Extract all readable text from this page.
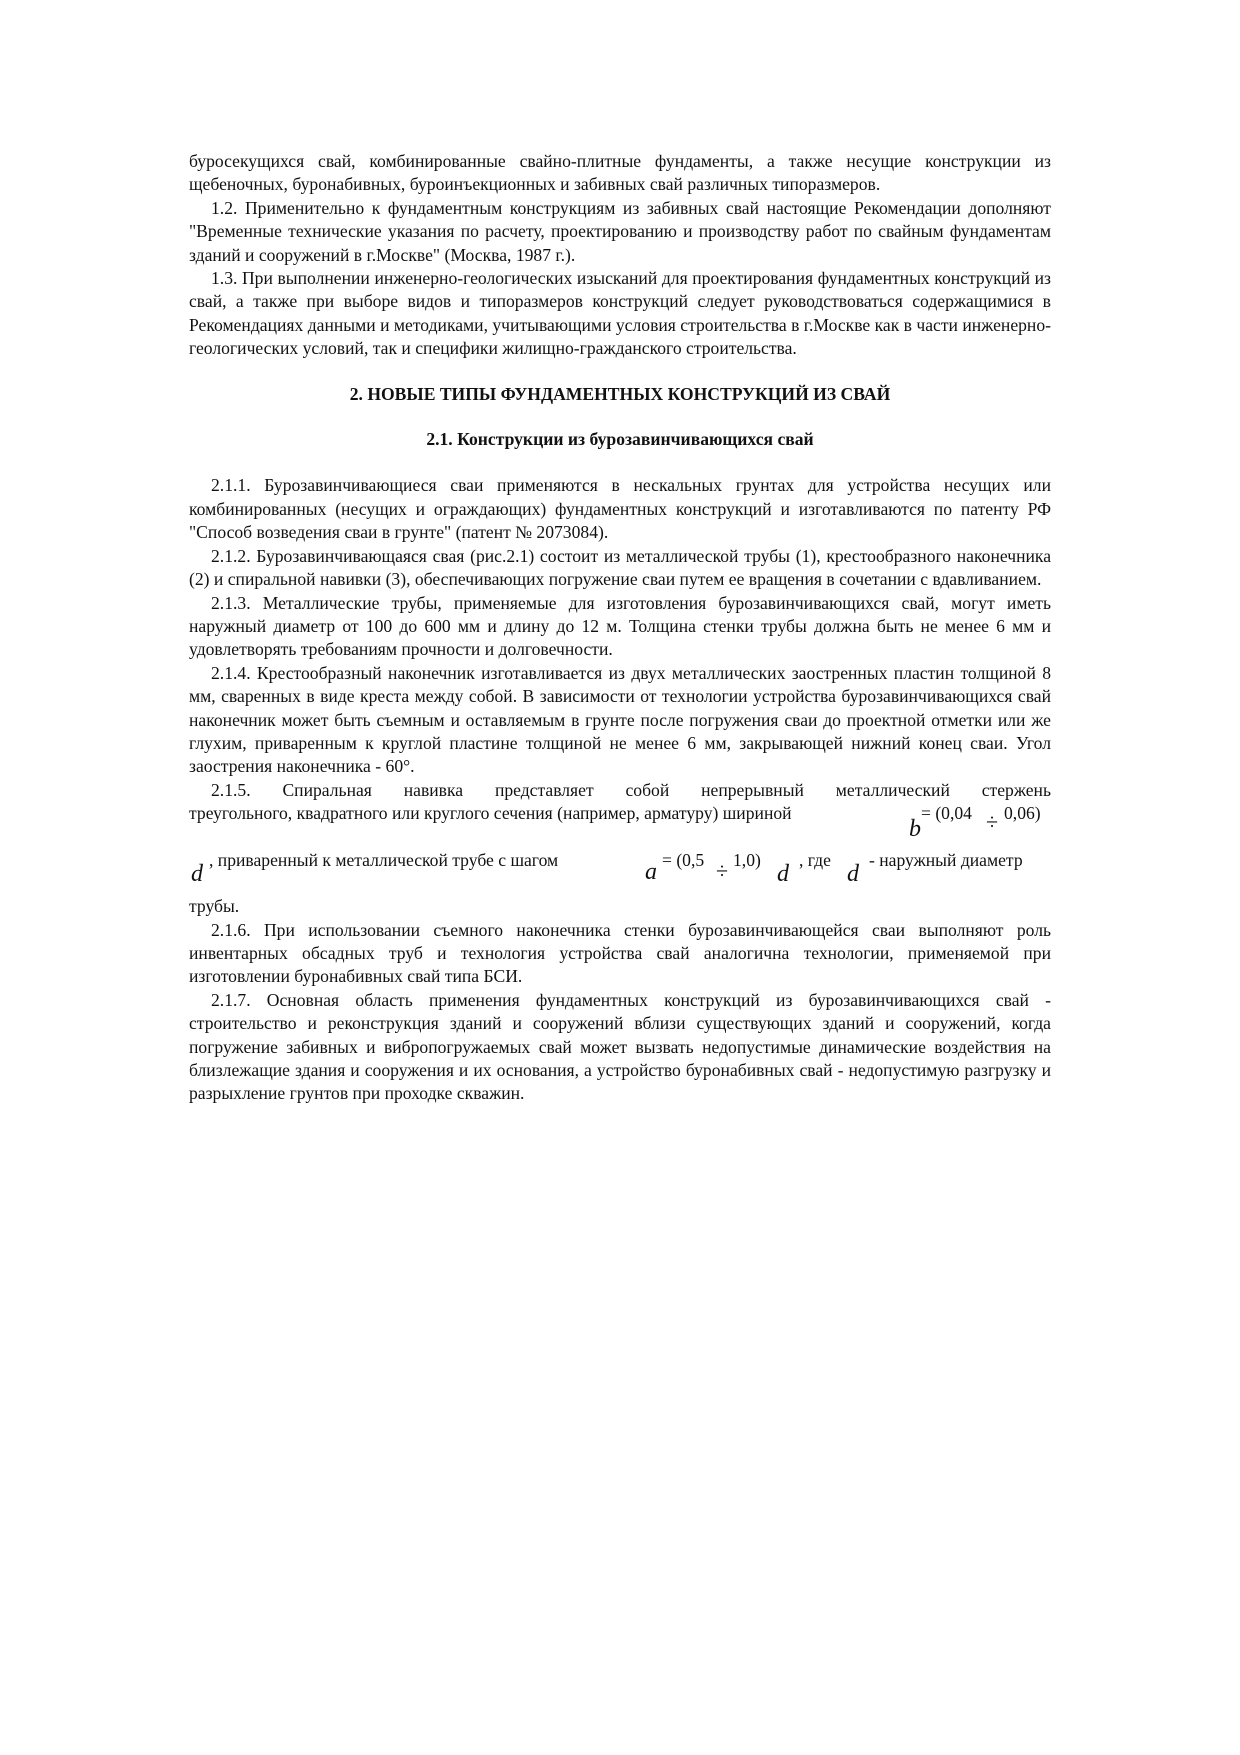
буросекущихся свай, комбинированные свайно-плитные фундаменты, а также несущие конструкции из щебеночных, буронабивных, буроинъекционных и забивных свай различных типоразмеров.

1.2. Применительно к фундаментным конструкциям из забивных свай настоящие Рекомендации дополняют "Временные технические указания по расчету, проектированию и производству работ по свайным фундаментам зданий и сооружений в г.Москве" (Москва, 1987 г.).

1.3. При выполнении инженерно-геологических изысканий для проектирования фундаментных конструкций из свай, а также при выборе видов и типоразмеров конструкций следует руководствоваться содержащимися в Рекомендациях данными и методиками, учитывающими условия строительства в г.Москве как в части инженерно-геологических условий, так и специфики жилищно-гражданского строительства.

2. НОВЫЕ ТИПЫ ФУНДАМЕНТНЫХ КОНСТРУКЦИЙ ИЗ СВАЙ
2.1. Конструкции из бурозавинчивающихся свай

2.1.1. Бурозавинчивающиеся сваи применяются в нескальных грунтах для устройства несущих или комбинированных (несущих и ограждающих) фундаментных конструкций и изготавливаются по патенту РФ "Способ возведения сваи в грунте" (патент № 2073084).

2.1.2. Бурозавинчивающаяся свая (рис.2.1) состоит из металлической трубы (1), крестообразного наконечника (2) и спиральной навивки (3), обеспечивающих погружение сваи путем ее вращения в сочетании с вдавливанием.

2.1.3. Металлические трубы, применяемые для изготовления бурозавинчивающихся свай, могут иметь наружный диаметр от 100 до 600 мм и длину до 12 м. Толщина стенки трубы должна быть не менее 6 мм и удовлетворять требованиям прочности и долговечности.

2.1.4. Крестообразный наконечник изготавливается из двух металлических заостренных пластин толщиной 8 мм, сваренных в виде креста между собой. В зависимости от технологии устройства бурозавинчивающихся свай наконечник может быть съемным и оставляемым в грунте после погружения сваи до проектной отметки или же глухим, приваренным к круглой пластине толщиной не менее 6 мм, закрывающей нижний конец сваи. Угол заострения наконечника - 60°.

2.1.5. Спиральная навивка представляет собой непрерывный металлический стержень

треугольного, квадратного или круглого сечения (например, арматуру) шириной	= (0,04
b	÷ 0,06)
d
, приваренный к металлической трубе с шагом	a = (0,5 ÷ 1,0)
d
, где
d
- наружный диаметр

трубы.

2.1.6. При использовании съемного наконечника стенки бурозавинчивающейся сваи выполняют роль инвентарных обсадных труб и технология устройства свай аналогична технологии, применяемой при изготовлении буронабивных свай типа БСИ.

2.1.7. Основная область применения фундаментных конструкций из бурозавинчивающихся свай - строительство и реконструкция зданий и сооружений вблизи существующих зданий и сооружений, когда погружение забивных и вибропогружаемых свай может вызвать недопустимые динамические воздействия на близлежащие здания и сооружения и их основания, а устройство буронабивных свай - недопустимую разгрузку и разрыхление грунтов при проходке скважин.
